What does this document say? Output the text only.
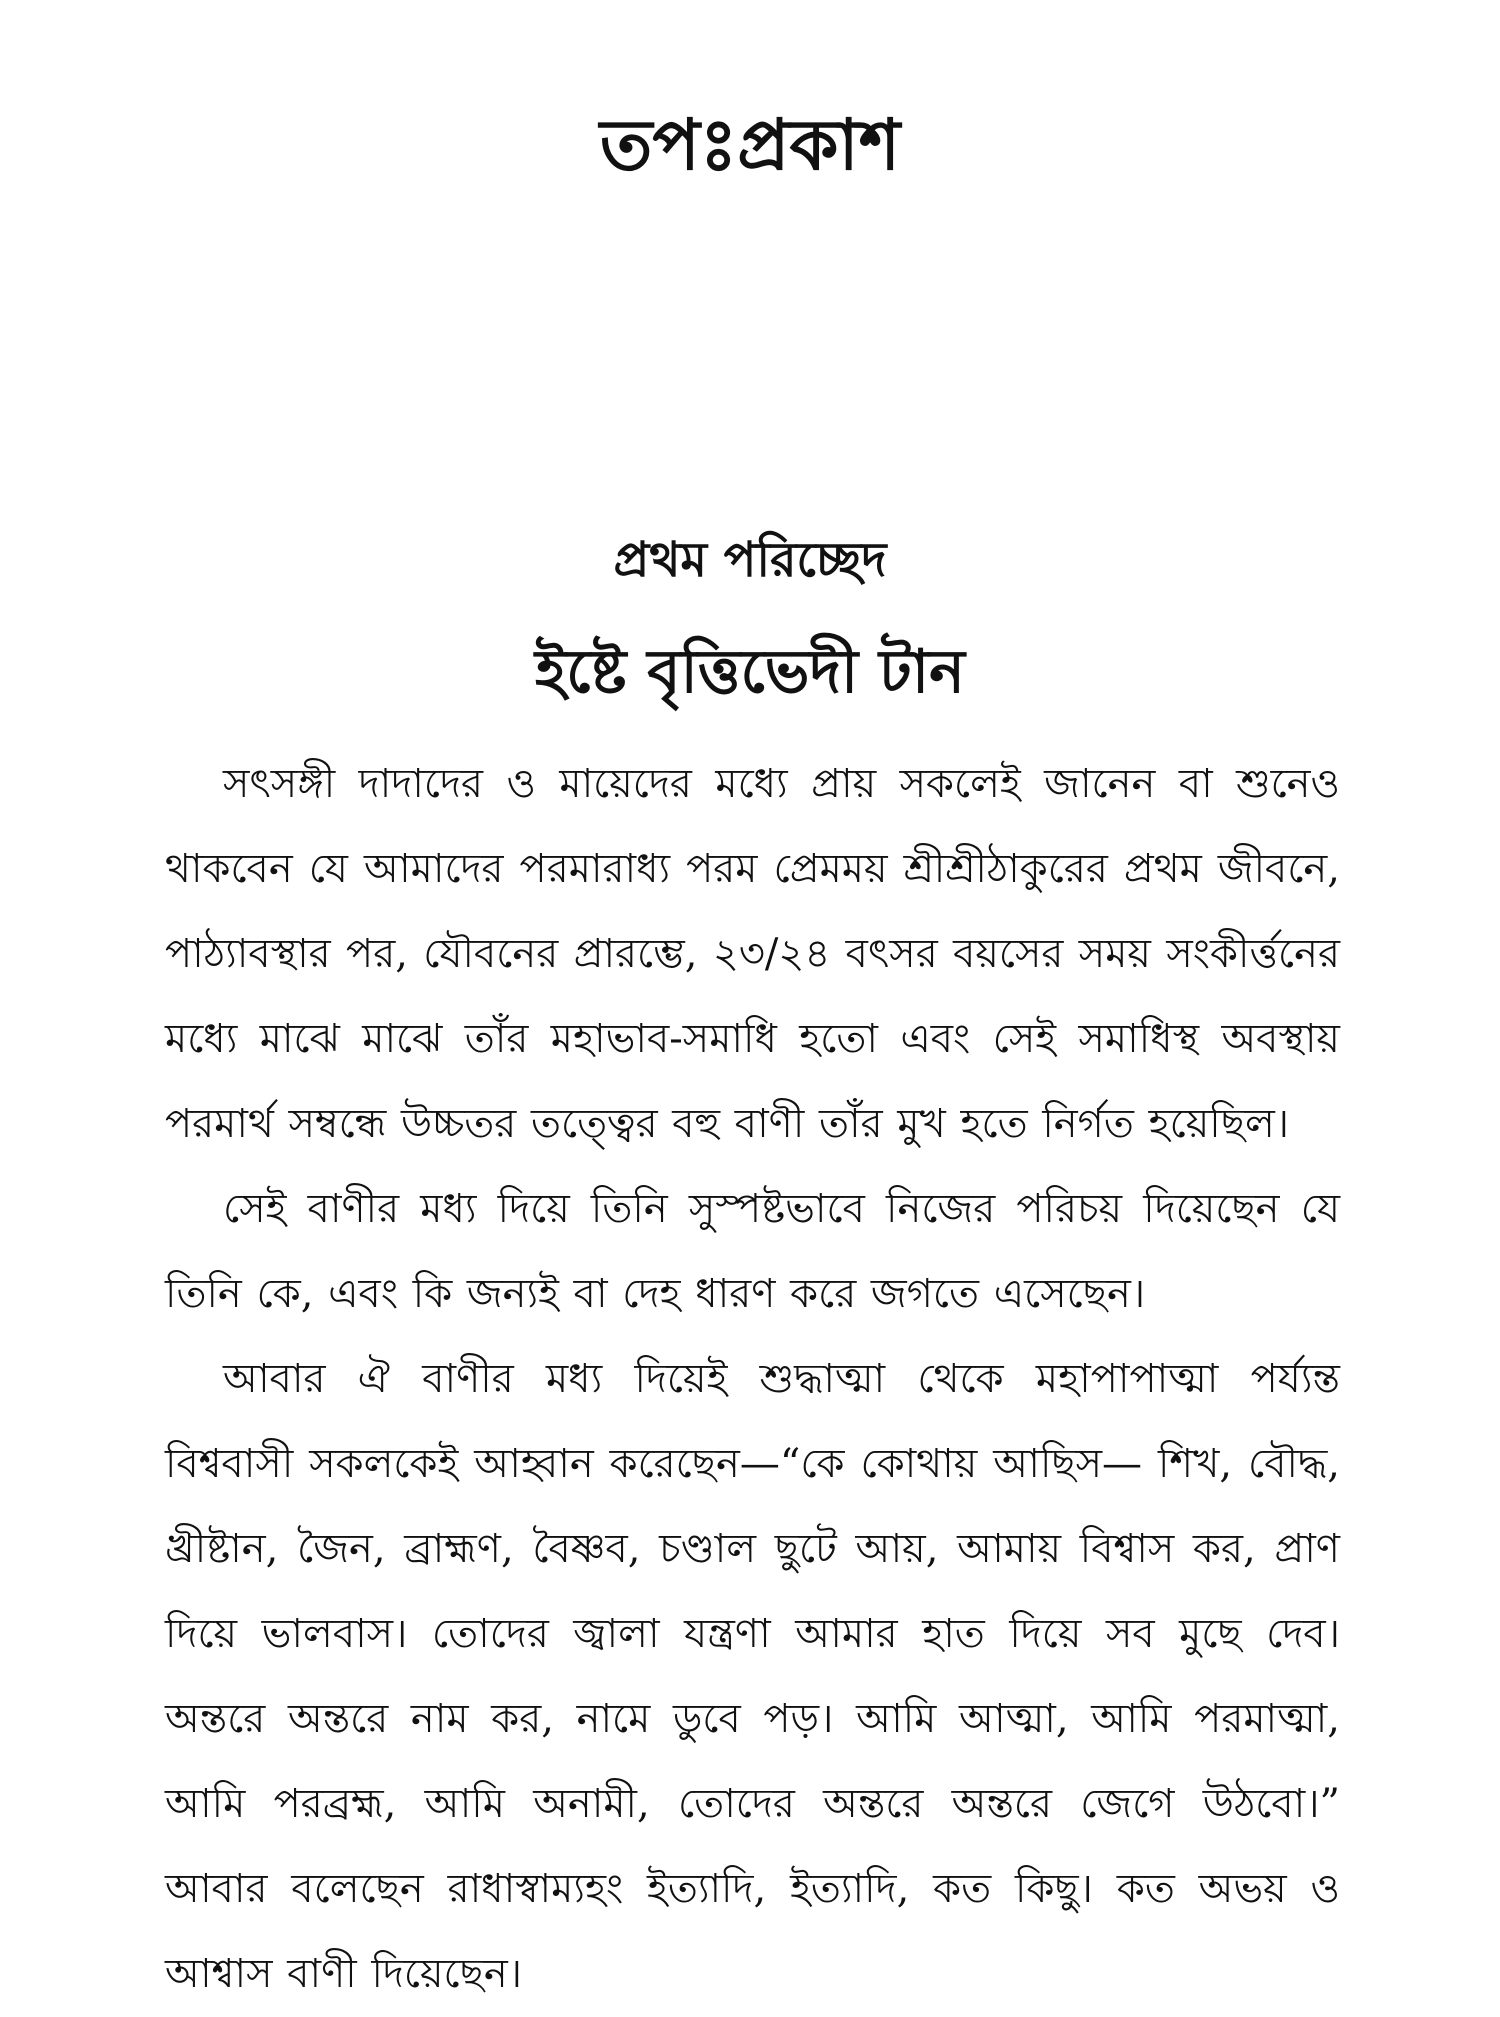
তপঃপ্রকাশ
প্রথম পরিচ্ছেদ
ইষ্টে বৃত্তিভেদী টান

সৎসঙ্গী দাদাদের ও মায়েদের মধ্যে প্রায় সকলেই জানেন বা শুনেও থাকবেন যে আমাদের পরমারাধ্য পরম প্রেমময় শ্রীশ্রীঠাকুরের প্রথম জীবনে, পাঠ্যাবস্থার পর, যৌবনের প্রারম্ভে, ২৩/২৪ বৎসর বয়সের সময় সংকীর্ত্তনের মধ্যে মাঝে মাঝে তাঁর মহাভাব-সমাধি হতো এবং সেই সমাধিস্থ অবস্থায় পরমার্থ সম্বন্ধে উচ্চতর তত্ত্বের বহু বাণী তাঁর মুখ হতে নির্গত হয়েছিল।

সেই বাণীর মধ্য দিয়ে তিনি সুস্পষ্টভাবে নিজের পরিচয় দিয়েছেন যে তিনি কে, এবং কি জন্যই বা দেহ ধারণ করে জগতে এসেছেন।

আবার ঐ বাণীর মধ্য দিয়েই শুদ্ধাত্মা থেকে মহাপাপাত্মা পর্য্যন্ত বিশ্ববাসী সকলকেই আহ্বান করেছেন—“কে কোথায় আছিস— শিখ, বৌদ্ধ, খ্রীষ্টান, জৈন, ব্রাহ্মণ, বৈষ্ণব, চণ্ডাল ছুটে আয়, আমায় বিশ্বাস কর, প্রাণ দিয়ে ভালবাস। তোদের জ্বালা যন্ত্রণা আমার হাত দিয়ে সব মুছে দেব। অন্তরে অন্তরে নাম কর, নামে ডুবে পড়। আমি আত্মা, আমি পরমাত্মা, আমি পরব্রহ্ম, আমি অনামী, তোদের অন্তরে অন্তরে জেগে উঠবো।” আবার বলেছেন রাধাস্বাম্যহং ইত্যাদি, ইত্যাদি, কত কিছু। কত অভয় ও আশ্বাস বাণী দিয়েছেন।
